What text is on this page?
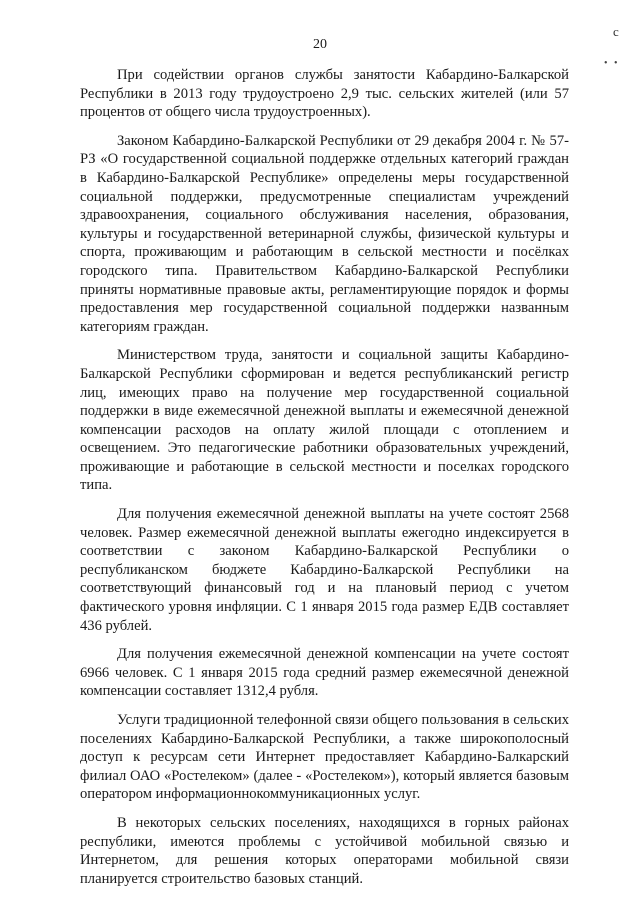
20
с
• •

При содействии органов службы занятости Кабардино-Балкарской Республики в 2013 году трудоустроено 2,9 тыс. сельских жителей (или 57 процентов от общего числа трудоустроенных).

Законом Кабардино-Балкарской Республики от 29 декабря 2004 г. № 57-РЗ «О государственной социальной поддержке отдельных категорий граждан в Кабардино-Балкарской Республике» определены меры государственной социальной поддержки, предусмотренные специалистам учреждений здравоохранения, социального обслуживания населения, образования, культуры и государственной ветеринарной службы, физической культуры и спорта, проживающим и работающим в сельской местности и посёлках городского типа. Правительством Кабардино-Балкарской Республики приняты нормативные правовые акты, регламентирующие порядок и формы предоставления мер государственной социальной поддержки названным категориям граждан.

Министерством труда, занятости и социальной защиты Кабардино-Балкарской Республики сформирован и ведется республиканский регистр лиц, имеющих право на получение мер государственной социальной поддержки в виде ежемесячной денежной выплаты и ежемесячной денежной компенсации расходов на оплату жилой площади с отоплением и освещением. Это педагогические работники образовательных учреждений, проживающие и работающие в сельской местности и поселках городского типа.

Для получения ежемесячной денежной выплаты на учете состоят 2568 человек. Размер ежемесячной денежной выплаты ежегодно индексируется в соответствии с законом Кабардино-Балкарской Республики о республиканском бюджете Кабардино-Балкарской Республики на соответствующий финансовый год и на плановый период с учетом фактического уровня инфляции. С 1 января 2015 года размер ЕДВ составляет 436 рублей.

Для получения ежемесячной денежной компенсации на учете состоят 6966 человек. С 1 января 2015 года средний размер ежемесячной денежной компенсации составляет 1312,4 рубля.

Услуги традиционной телефонной связи общего пользования в сельских поселениях Кабардино-Балкарской Республики, а также широкополосный доступ к ресурсам сети Интернет предоставляет Кабардино-Балкарский филиал ОАО «Ростелеком» (далее - «Ростелеком»), который является базовым оператором информационнокоммуникационных услуг.

В некоторых сельских поселениях, находящихся в горных районах республики, имеются проблемы с устойчивой мобильной связью и Интернетом, для решения которых операторами мобильной связи планируется строительство базовых станций.
